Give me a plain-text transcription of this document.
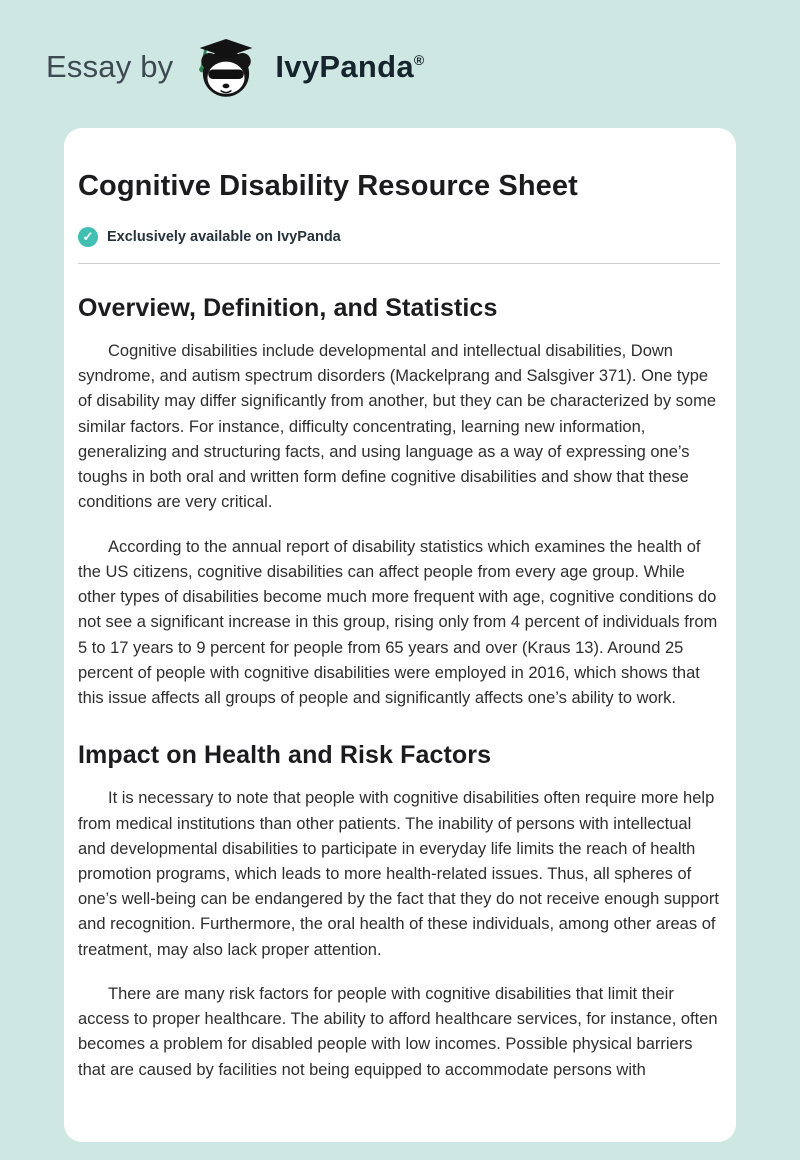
Essay by	IvyPanda®
Cognitive Disability Resource Sheet
✓ Exclusively available on IvyPanda
Overview, Definition, and Statistics

Cognitive disabilities include developmental and intellectual disabilities, Down syndrome, and autism spectrum disorders (Mackelprang and Salsgiver 371). One type of disability may differ significantly from another, but they can be characterized by some similar factors. For instance, difficulty concentrating, learning new information, generalizing and structuring facts, and using language as a way of expressing one’s toughs in both oral and written form define cognitive disabilities and show that these conditions are very critical.

According to the annual report of disability statistics which examines the health of the US citizens, cognitive disabilities can affect people from every age group. While other types of disabilities become much more frequent with age, cognitive conditions do not see a significant increase in this group, rising only from 4 percent of individuals from 5 to 17 years to 9 percent for people from 65 years and over (Kraus 13). Around 25 percent of people with cognitive disabilities were employed in 2016, which shows that this issue affects all groups of people and significantly affects one’s ability to work.

Impact on Health and Risk Factors

It is necessary to note that people with cognitive disabilities often require more help from medical institutions than other patients. The inability of persons with intellectual and developmental disabilities to participate in everyday life limits the reach of health promotion programs, which leads to more health-related issues. Thus, all spheres of one’s well-being can be endangered by the fact that they do not receive enough support and recognition. Furthermore, the oral health of these individuals, among other areas of treatment, may also lack proper attention.

There are many risk factors for people with cognitive disabilities that limit their access to proper healthcare. The ability to afford healthcare services, for instance, often becomes a problem for disabled people with low incomes. Possible physical barriers that are caused by facilities not being equipped to accommodate persons with
